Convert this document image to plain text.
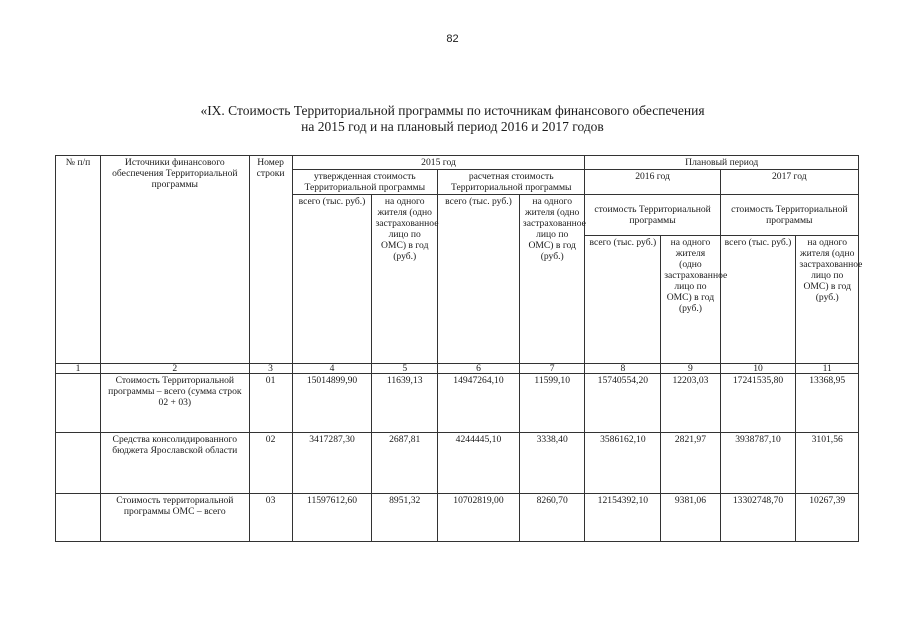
82
«IX. Стоимость Территориальной программы по источникам финансового обеспечения
на 2015 год и на плановый период 2016 и 2017 годов
№ п/п	Источники финансового обеспечения Территориальной программы	Номер строки	2015 год				Плановый период			
			утвержденная стоимость Территориальной программы		расчетная стоимость Территориальной программы		2016 год		2017 год	
			всего (тыс. руб.)	на одного жителя (одно застрахованное лицо по ОМС) в год (руб.)	всего (тыс. руб.)	на одного жителя (одно застрахованное лицо по ОМС) в год (руб.)	стоимость Территориальной программы		стоимость Территориальной программы	
							всего (тыс. руб.)	на одного жителя (одно застрахованное лицо по ОМС) в год (руб.)	всего (тыс. руб.)	на одного жителя (одно застрахованное лицо по ОМС) в год (руб.)
1	2	3	4	5	6	7	8	9	10	11
	Стоимость Территориальной программы – всего (сумма строк 02 + 03)	01	15014899,90	11639,13	14947264,10	11599,10	15740554,20	12203,03	17241535,80	13368,95
	Средства консолидированного бюджета Ярославской области	02	3417287,30	2687,81	4244445,10	3338,40	3586162,10	2821,97	3938787,10	3101,56
	Стоимость территориальной программы ОМС – всего	03	11597612,60	8951,32	10702819,00	8260,70	12154392,10	9381,06	13302748,70	10267,39
